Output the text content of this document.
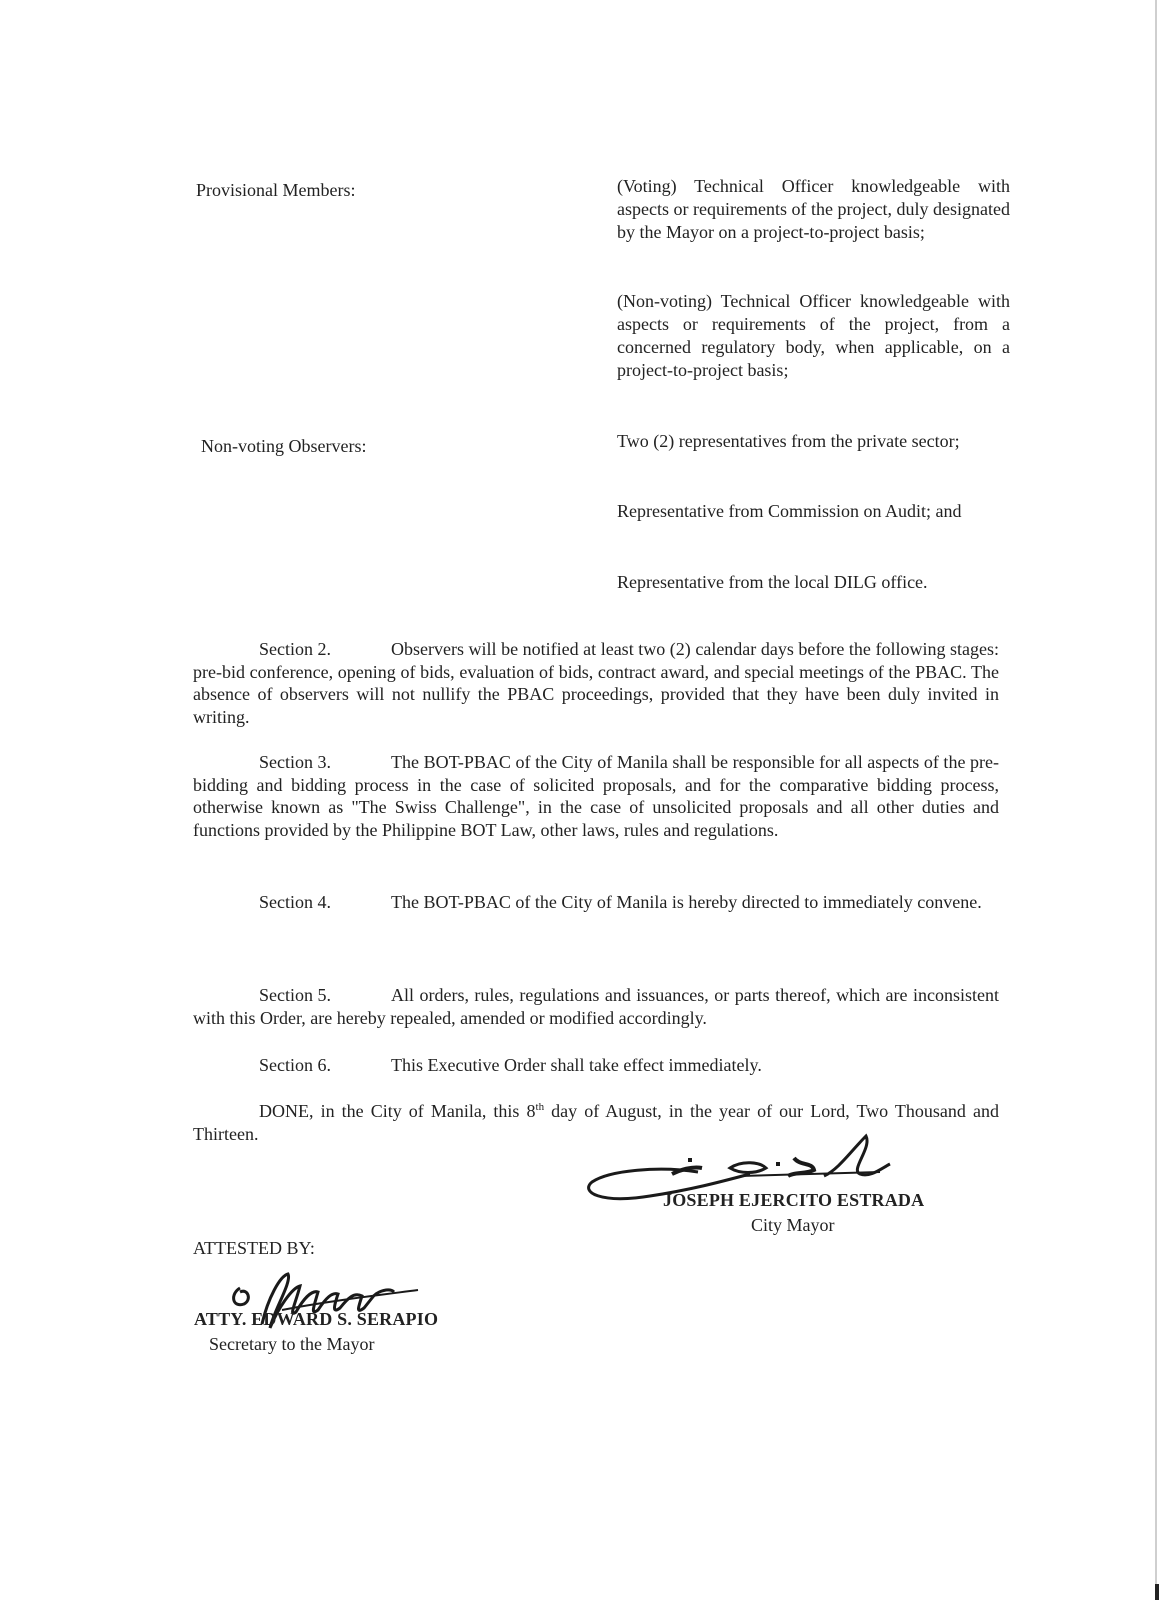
Provisional Members:	(Voting) Technical Officer knowledgeable with aspects or requirements of the project, duly designated by the Mayor on a project-to-project basis;

(Non-voting) Technical Officer knowledgeable with aspects or requirements of the project, from a concerned regulatory body, when applicable, on a project-to-project basis;

Non-voting Observers:	Two (2) representatives from the private sector;

Representative from Commission on Audit; and

Representative from the local DILG office.

Section 2.	Observers will be notified at least two (2) calendar days before the following stages: pre-bid conference, opening of bids, evaluation of bids, contract award, and special meetings of the PBAC. The absence of observers will not nullify the PBAC proceedings, provided that they have been duly invited in writing.

Section 3.	The BOT-PBAC of the City of Manila shall be responsible for all aspects of the pre-bidding and bidding process in the case of solicited proposals, and for the comparative bidding process, otherwise known as "The Swiss Challenge", in the case of unsolicited proposals and all other duties and functions provided by the Philippine BOT Law, other laws, rules and regulations.

Section 4.	The BOT-PBAC of the City of Manila is hereby directed to immediately convene.

Section 5.	All orders, rules, regulations and issuances, or parts thereof, which are inconsistent with this Order, are hereby repealed, amended or modified accordingly.

Section 6.	This Executive Order shall take effect immediately.

DONE, in the City of Manila, this 8th day of August, in the year of our Lord, Two Thousand and Thirteen.

JOSEPH EJERCITO ESTRADA
City Mayor
ATTESTED BY:
ATTY. EDWARD S. SERAPIO
Secretary to the Mayor
